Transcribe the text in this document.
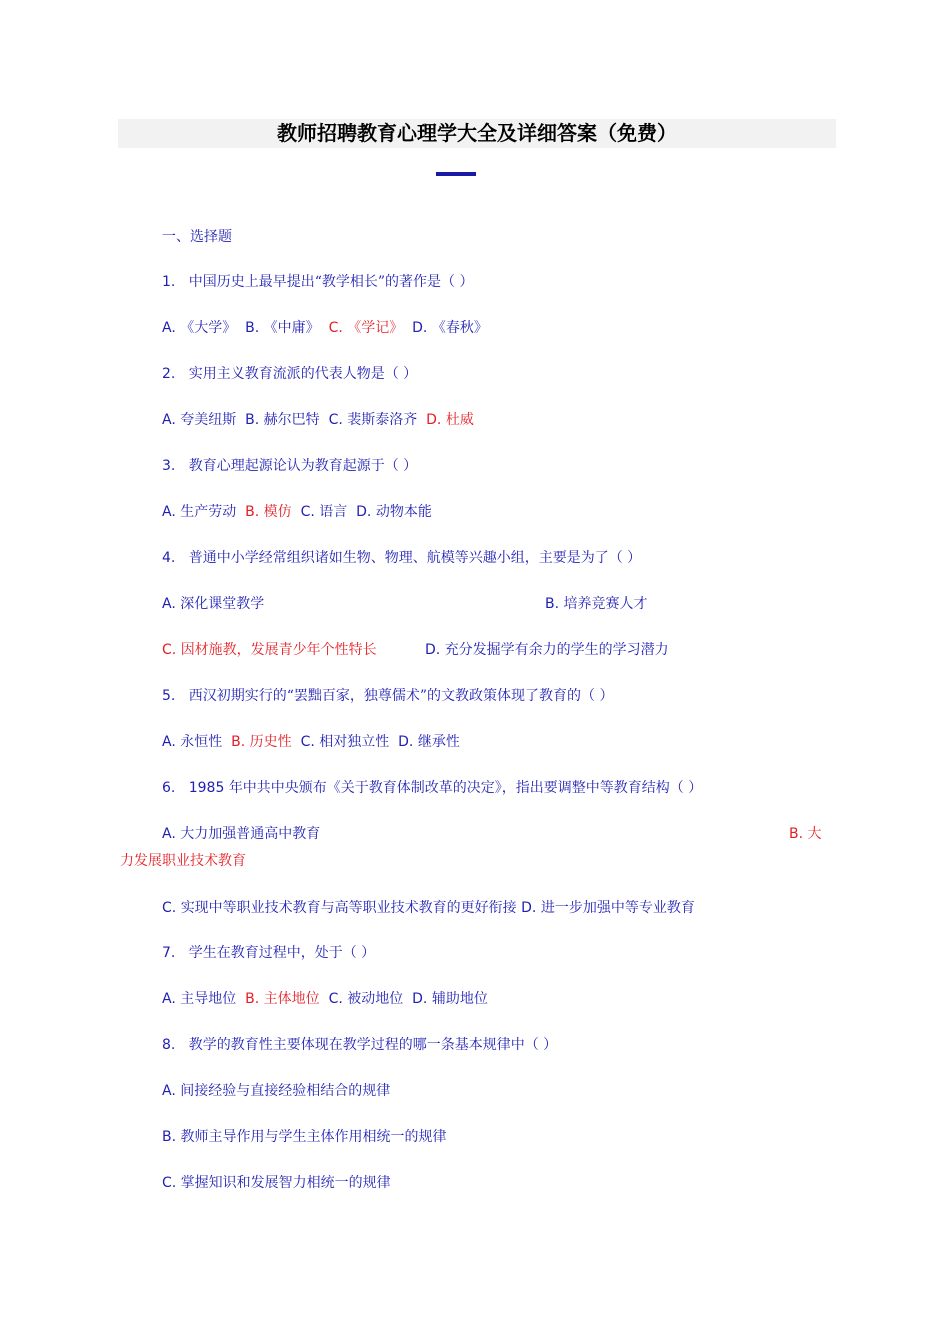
教师招聘教育心理学大全及详细答案（免费）
一、选择题
1. 中国历史上最早提出“教学相长”的著作是（ ）
A. 《大学》 B. 《中庸》 C. 《学记》 D. 《春秋》
2. 实用主义教育流派的代表人物是（ ）
A. 夸美纽斯 B. 赫尔巴特 C. 裴斯泰洛齐 D. 杜威
3. 教育心理起源论认为教育起源于（ ）
A. 生产劳动 B. 模仿 C. 语言 D. 动物本能
4. 普通中小学经常组织诸如生物、物理、航模等兴趣小组，主要是为了（ ）
A. 深化课堂教学	B. 培养竞赛人才
C. 因材施教，发展青少年个性特长	D. 充分发掘学有余力的学生的学习潜力
5. 西汉初期实行的“罢黜百家，独尊儒术”的文教政策体现了教育的（ ）
A. 永恒性 B. 历史性 C. 相对独立性 D. 继承性
6. 1985 年中共中央颁布《关于教育体制改革的决定》，指出要调整中等教育结构（ ）
A. 大力加强普通高中教育	B. 大
力发展职业技术教育
C. 实现中等职业技术教育与高等职业技术教育的更好衔接 D. 进一步加强中等专业教育
7. 学生在教育过程中，处于（ ）
A. 主导地位 B. 主体地位 C. 被动地位 D. 辅助地位
8. 教学的教育性主要体现在教学过程的哪一条基本规律中（ ）
A. 间接经验与直接经验相结合的规律
B. 教师主导作用与学生主体作用相统一的规律
C. 掌握知识和发展智力相统一的规律
